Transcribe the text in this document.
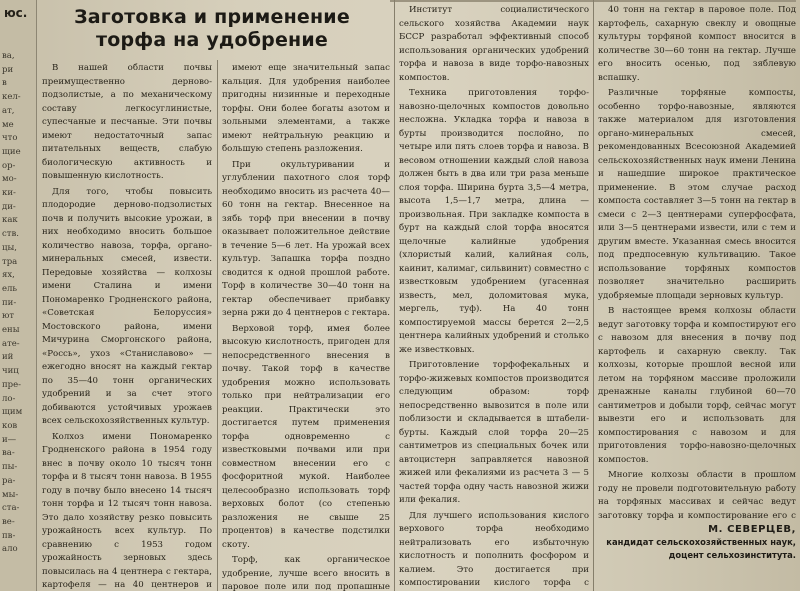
юс.
ва,
ри
в
кел-
ат,
ме
что
щие
ор-
мо-
ки-
ди-
как
ств.
цы,
тра
ях,
ель
пи-
ют
ены
ате-
ий
чиц
пре-
ло-
щим
ков
и—
ва-
пы-
ра-
мы-
ста-
ве-
пв-
ало
Заготовка и применение
торфа на удобрение

В нашей области почвы преимущественно дерново-подзолистые, а по механическому составу легкосуглинистые, супесчаные и песчаные. Эти почвы имеют недостаточный запас питательных веществ, слабую биологическую активность и повышенную кислотность.

Для того, чтобы повысить плодородие дерново-подзолистых почв и получить высокие урожаи, в них необходимо вносить большое количество навоза, торфа, органо-минеральных смесей, извести. Передовые хозяйства — колхозы имени Сталина и имени Пономаренко Гродненского района, «Советская Белоруссия» Мостовского района, имени Мичурина Сморгонского района, «Россь», ухоз «Станиславово» — ежегодно вносят на каждый гектар по 35—40 тонн органических удобрений и за счет этого добиваются устойчивых урожаев всех сельскохозяйственных культур.

Колхоз имени Пономаренко Гродненского района в 1954 году внес в почву около 10 тысяч тонн торфа и 8 тысяч тонн навоза. В 1955 году в почву было внесено 14 тысяч тонн торфа и 12 тысяч тонн навоза. Это дало хозяйству резко повысить урожайность всех культур. По сравнению с 1953 годом урожайность зерновых здесь повысилась на 4 центнера с гектара, картофеля — на 40 центнеров и

имеют еще значительный запас кальция. Для удобрения наиболее пригодны низинные и переходные торфы. Они более богаты азотом и зольными элементами, а также имеют нейтральную реакцию и большую степень разложения.

При окультуривании и углублении пахотного слоя торф необходимо вносить из расчета 40—60 тонн на гектар. Внесенное на зябь торф при внесении в почву оказывает положительное действие в течение 5—6 лет. На урожай всех культур. Запашка торфа поздно сводится к одной прошлой работе. Торф в количестве 30—40 тонн на гектар обеспечивает прибавку зерна ржи до 4 центнеров с гектара.

Верховой торф, имея более высокую кислотность, пригоден для непосредственного внесения в почву. Такой торф в качестве удобрения можно использовать только при нейтрализации его реакции. Практически это достигается путем применения торфа одновременно с известковыми почвами или при совместном внесении его с фосфоритной мукой. Наиболее целесообразно использовать торф верховых болот (со степенью разложения не свыше 25 процентов) в качестве подстилки скоту.

Торф, как органическое удобрение, лучше всего вносить в паровое поле или под пропашные

Институт социалистического сельского хозяйства Академии наук БССР разработал эффективный способ использования органических удобрений торфа и навоза в виде торфо-навозных компостов.

Техника приготовления торфо-навозно-щелочных компостов довольно несложна. Укладка торфа и навоза в бурты производится послойно, по четыре или пять слоев торфа и навоза. В весовом отношении каждый слой навоза должен быть в два или три раза меньше слоя торфа. Ширина бурта 3,5—4 метра, высота 1,5—1,7 метра, длина — произвольная. При закладке компоста в бурт на каждый слой торфа вносятся щелочные калийные удобрения (хлористый калий, калийная соль, каинит, калимаг, сильвинит) совместно с известковым удобрением (угасенная известь, мел, доломитовая мука, мергель, туф). На 40 тонн компостируемой массы берется 2—2,5 центнера калийных удобрений и столько же известковых.

Приготовление торфофекальных и торфо-жижевых компостов производится следующим образом: торф непосредственно вывозится в поле или поблизости и складывается в штабели-бурты. Каждый слой торфа 20—25 сантиметров из специальных бочек или автоцистерн заправляется навозной жижей или фекалиями из расчета 3 — 5 частей торфа одну часть навозной жижи или фекалия.

Для лучшего использования кислого верхового торфа необходимо нейтрализовать его избыточную кислотность и пополнить фосфором и калием. Это достигается при компостировании кислого торфа с

40 тонн на гектар в паровое поле. Под картофель, сахарную свеклу и овощные культуры торфяной компост вносится в количестве 30—60 тонн на гектар. Лучше его вносить осенью, под зяблевую вспашку.

Различные торфяные компосты, особенно торфо-навозные, являются также материалом для изготовления органо-минеральных смесей, рекомендованных Всесоюзной Академией сельскохозяйственных наук имени Ленина и нашедшие широкое практическое применение. В этом случае расход компоста составляет 3—5 тонн на гектар в смеси с 2—3 центнерами суперфосфата, или 3—5 центнерами извести, или с тем и другим вместе. Указанная смесь вносится под предпосевную культивацию. Такое использование торфяных компостов позволяет значительно расширить удобряемые площади зерновых культур.

В настоящее время колхозы области ведут заготовку торфа и компостируют его с навозом для внесения в почву под картофель и сахарную свеклу. Так колхозы, которые прошлой весной или летом на торфяном массиве проложили дренажные каналы глубиной 60—70 сантиметров и добыли торф, сейчас могут вывезти его и использовать для компостирования с навозом и для приготовления торфо-навозно-щелочных компостов.

Многие колхозы области в прошлом году не провели подготовительную работу на торфяных массивах и сейчас ведут заготовку торфа и компостирование его с

М. СЕВЕРЦЕВ,
кандидат сельскохозяйственных наук,
доцент сельхозинститута.
